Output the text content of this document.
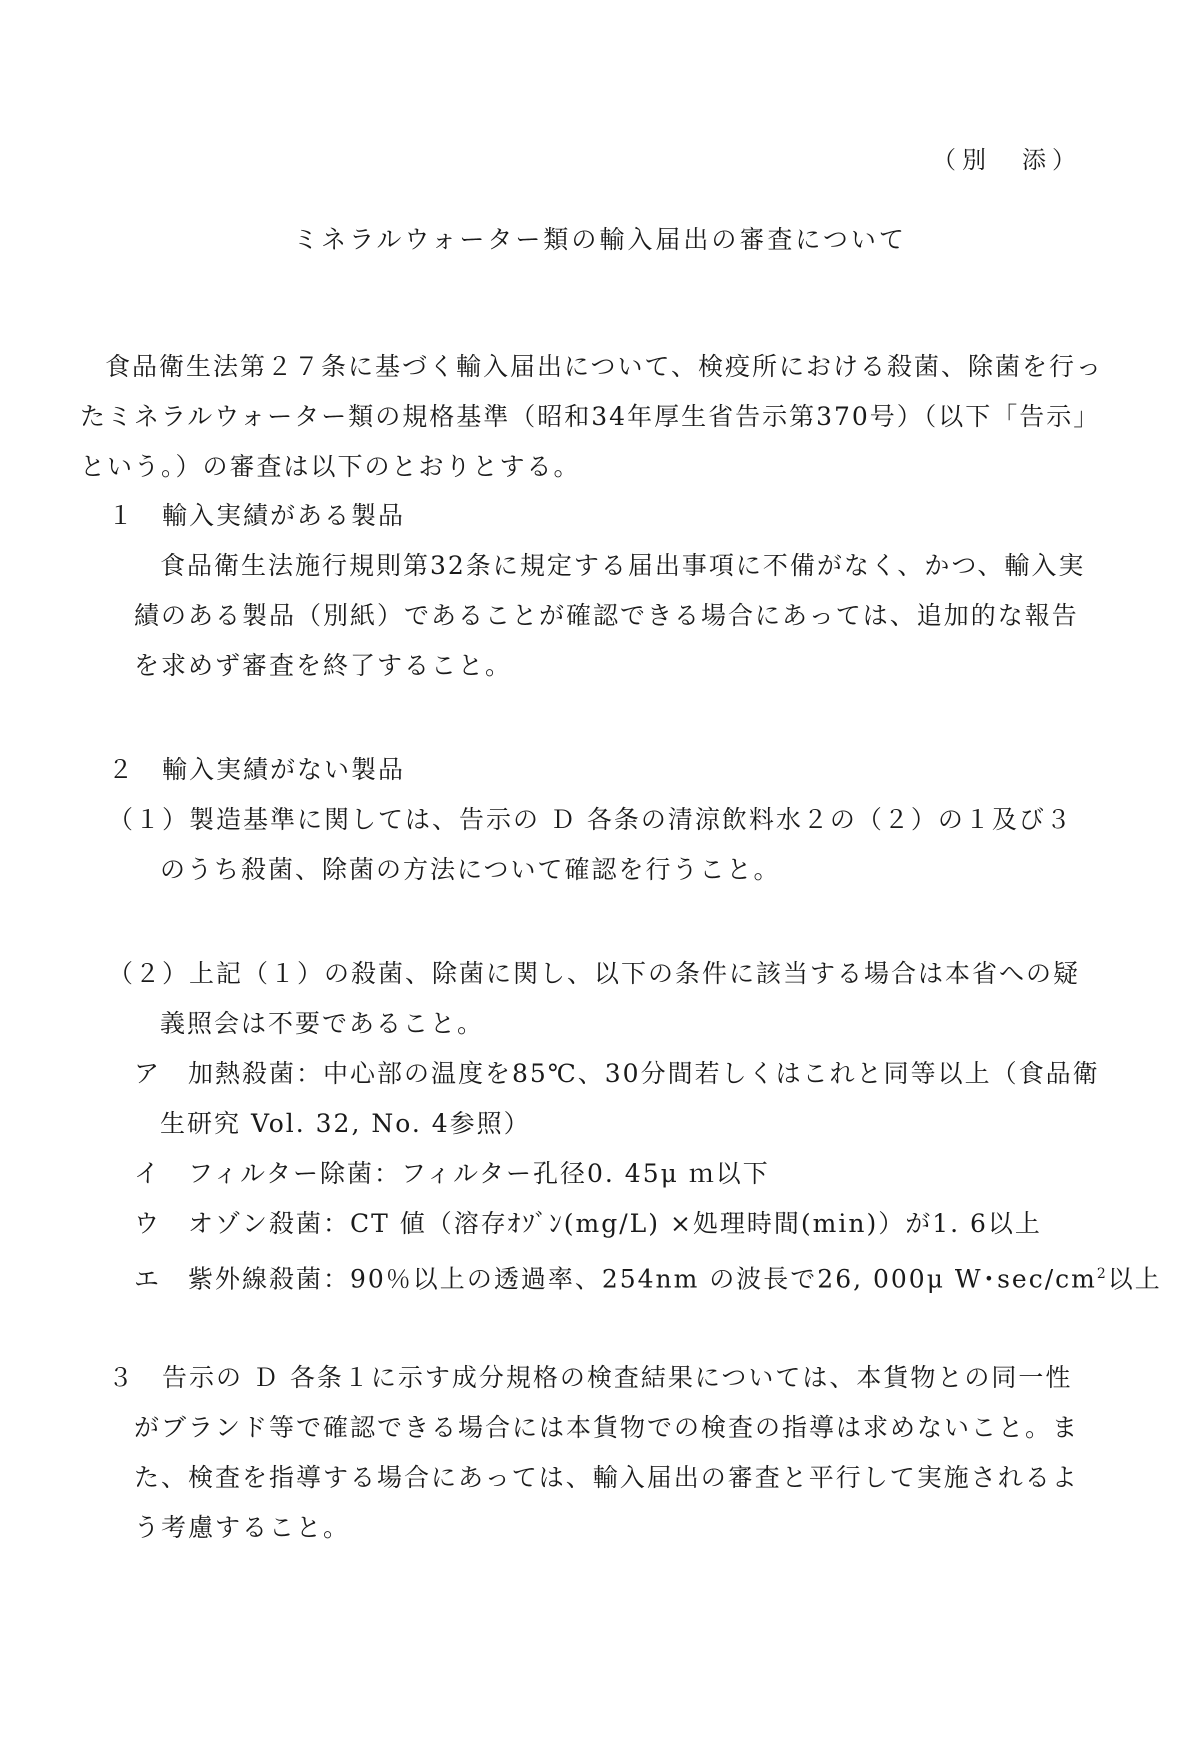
（別　添）
ミネラルウォーター類の輸入届出の審査について

食品衛生法第２７条に基づく輸入届出について、検疫所における殺菌、除菌を行ったミネラルウォーター類の規格基準（昭和34年厚生省告示第370号）（以下「告示」という。）の審査は以下のとおりとする。

１　輸入実績がある製品
食品衛生法施行規則第32条に規定する届出事項に不備がなく、かつ、輸入実
績のある製品（別紙）であることが確認できる場合にあっては、追加的な報告
を求めず審査を終了すること。
２　輸入実績がない製品
（１）製造基準に関しては、告示の Ｄ 各条の清涼飲料水２の（２）の１及び３
のうち殺菌、除菌の方法について確認を行うこと。
（２）上記（１）の殺菌、除菌に関し、以下の条件に該当する場合は本省への疑
義照会は不要であること。
ア　加熱殺菌：中心部の温度を85℃、30分間若しくはこれと同等以上（食品衛
生研究 Vol. 32, No. 4参照）
イ　フィルター除菌：フィルター孔径0. 45μ ｍ以下
ウ　オゾン殺菌：CT 値（溶存ｵｿﾞﾝ(mg/L) ×処理時間(min)）が1. 6以上
エ　紫外線殺菌：90％以上の透過率、254nm の波長で26, 000μ W･$\sec/cm^2$以上
３　告示の Ｄ 各条１に示す成分規格の検査結果については、本貨物との同一性
がブランド等で確認できる場合には本貨物での検査の指導は求めないこと。ま
た、検査を指導する場合にあっては、輸入届出の審査と平行して実施されるよ
う考慮すること。
